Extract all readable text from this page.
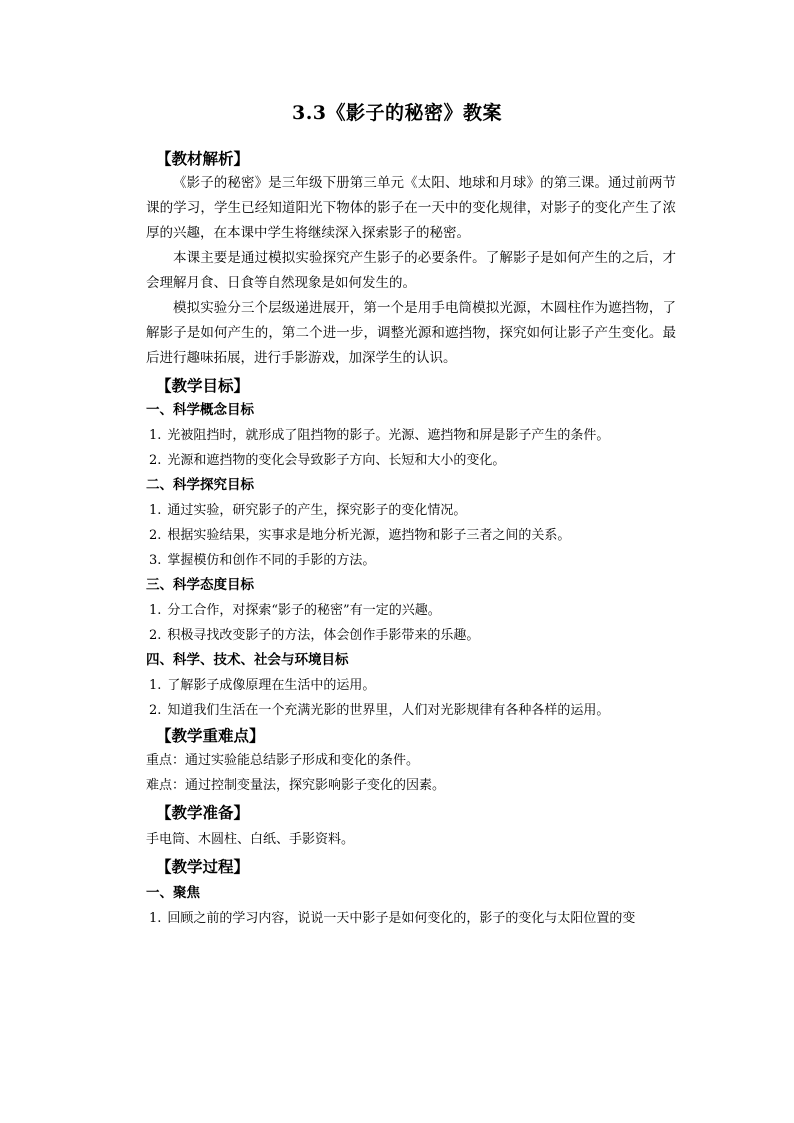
3.3《影子的秘密》教案
【教材解析】

《影子的秘密》是三年级下册第三单元《太阳、地球和月球》的第三课。通过前两节课的学习，学生已经知道阳光下物体的影子在一天中的变化规律，对影子的变化产生了浓厚的兴趣，在本课中学生将继续深入探索影子的秘密。

本课主要是通过模拟实验探究产生影子的必要条件。了解影子是如何产生的之后，才会理解月食、日食等自然现象是如何发生的。

模拟实验分三个层级递进展开，第一个是用手电筒模拟光源，木圆柱作为遮挡物，了解影子是如何产生的，第二个进一步，调整光源和遮挡物，探究如何让影子产生变化。最后进行趣味拓展，进行手影游戏，加深学生的认识。

【教学目标】

一、科学概念目标

1. 光被阻挡时，就形成了阻挡物的影子。光源、遮挡物和屏是影子产生的条件。

2. 光源和遮挡物的变化会导致影子方向、长短和大小的变化。

二、科学探究目标

1. 通过实验，研究影子的产生，探究影子的变化情况。

2. 根据实验结果，实事求是地分析光源，遮挡物和影子三者之间的关系。

3. 掌握模仿和创作不同的手影的方法。

三、科学态度目标

1. 分工合作，对探索“影子的秘密”有一定的兴趣。

2. 积极寻找改变影子的方法，体会创作手影带来的乐趣。

四、科学、技术、社会与环境目标

1. 了解影子成像原理在生活中的运用。

2. 知道我们生活在一个充满光影的世界里，人们对光影规律有各种各样的运用。

【教学重难点】

重点：通过实验能总结影子形成和变化的条件。

难点：通过控制变量法，探究影响影子变化的因素。

【教学准备】

手电筒、木圆柱、白纸、手影资料。

【教学过程】

一、聚焦

1. 回顾之前的学习内容，说说一天中影子是如何变化的，影子的变化与太阳位置的变
